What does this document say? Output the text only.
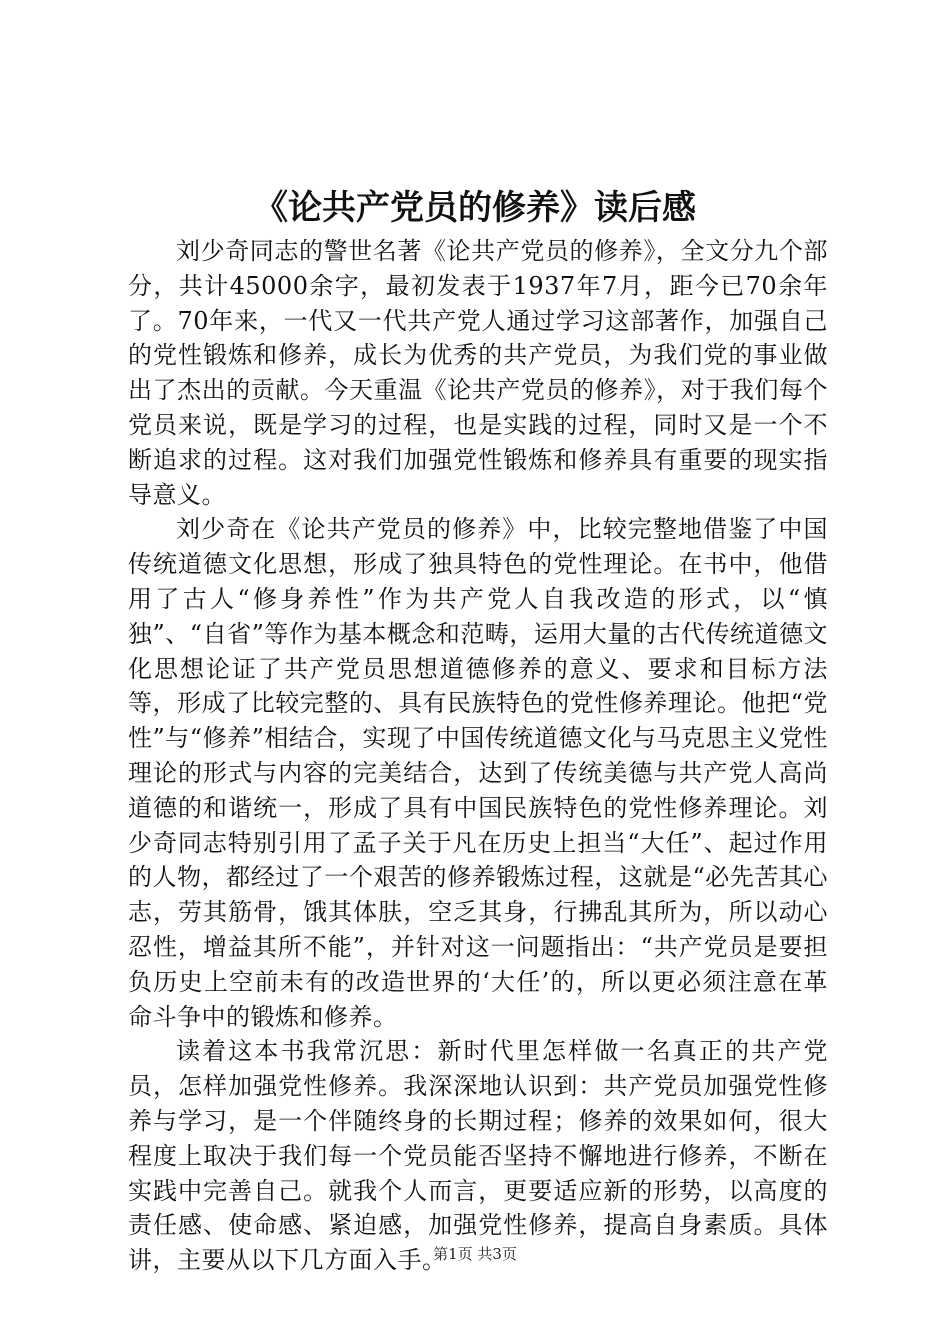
《论共产党员的修养》读后感

刘少奇同志的警世名著《论共产党员的修养》，全文分九个部分，共计45000余字，最初发表于1937年7月，距今已70余年了。70年来，一代又一代共产党人通过学习这部著作，加强自己的党性锻炼和修养，成长为优秀的共产党员，为我们党的事业做出了杰出的贡献。今天重温《论共产党员的修养》，对于我们每个党员来说，既是学习的过程，也是实践的过程，同时又是一个不断追求的过程。这对我们加强党性锻炼和修养具有重要的现实指导意义。

刘少奇在《论共产党员的修养》中，比较完整地借鉴了中国传统道德文化思想，形成了独具特色的党性理论。在书中，他借用了古人“修身养性”作为共产党人自我改造的形式，以“慎独”、“自省”等作为基本概念和范畴，运用大量的古代传统道德文化思想论证了共产党员思想道德修养的意义、要求和目标方法等，形成了比较完整的、具有民族特色的党性修养理论。他把“党性”与“修养”相结合，实现了中国传统道德文化与马克思主义党性理论的形式与内容的完美结合，达到了传统美德与共产党人高尚道德的和谐统一，形成了具有中国民族特色的党性修养理论。刘少奇同志特别引用了孟子关于凡在历史上担当“大任”、起过作用的人物，都经过了一个艰苦的修养锻炼过程，这就是“必先苦其心志，劳其筋骨，饿其体肤，空乏其身，行拂乱其所为，所以动心忍性，增益其所不能”，并针对这一问题指出：“共产党员是要担负历史上空前未有的改造世界的‘大任’的，所以更必须注意在革命斗争中的锻炼和修养。

读着这本书我常沉思：新时代里怎样做一名真正的共产党员，怎样加强党性修养。我深深地认识到：共产党员加强党性修养与学习，是一个伴随终身的长期过程；修养的效果如何，很大程度上取决于我们每一个党员能否坚持不懈地进行修养，不断在实践中完善自己。就我个人而言，更要适应新的形势，以高度的责任感、使命感、紧迫感，加强党性修养，提高自身素质。具体讲，主要从以下几方面入手。

第1页 共3页
